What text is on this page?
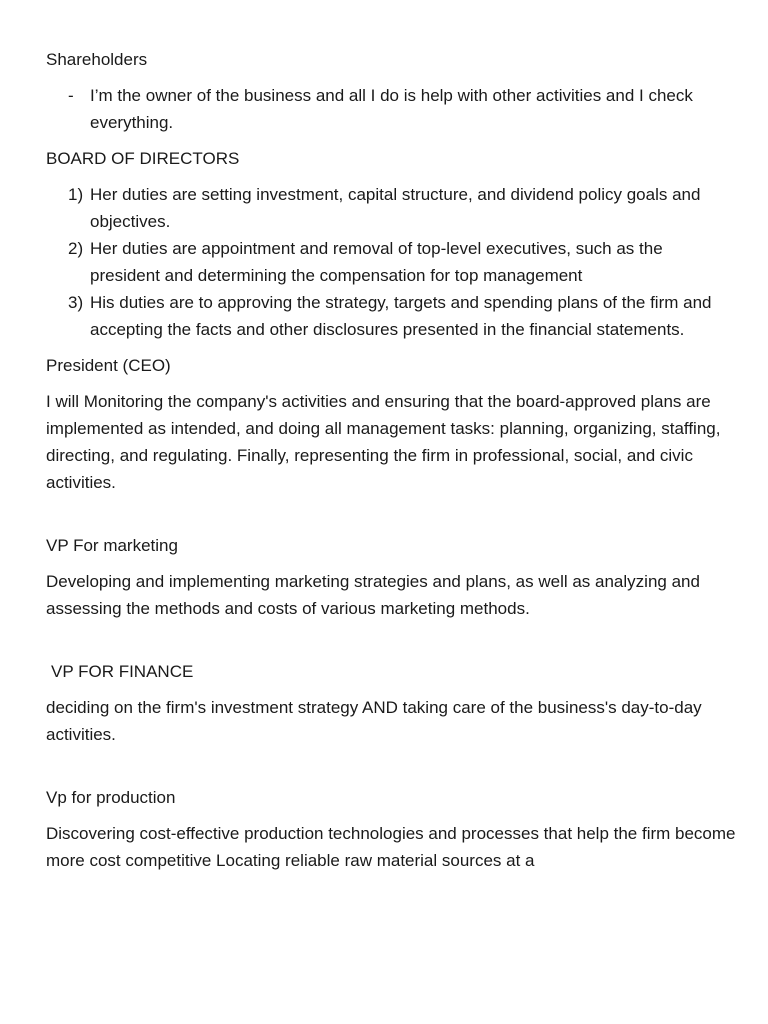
Shareholders
- I’m the owner of the business and all I do is help with other activities and I check everything.
BOARD OF DIRECTORS
1) Her duties are setting investment, capital structure, and dividend policy goals and objectives.
2) Her duties are appointment and removal of top-level executives, such as the president and determining the compensation for top management
3) His duties are to approving the strategy, targets and spending plans of the firm and accepting the facts and other disclosures presented in the financial statements.
President (CEO)
I will Monitoring the company's activities and ensuring that the board-approved plans are implemented as intended, and doing all management tasks: planning, organizing, staffing, directing, and regulating. Finally, representing the firm in professional, social, and civic activities.
VP For marketing
Developing and implementing marketing strategies and plans, as well as analyzing and assessing the methods and costs of various marketing methods.
VP FOR FINANCE
deciding on the firm's investment strategy AND taking care of the business's day-to-day activities.
Vp for production
Discovering cost-effective production technologies and processes that help the firm become more cost competitive Locating reliable raw material sources at a
